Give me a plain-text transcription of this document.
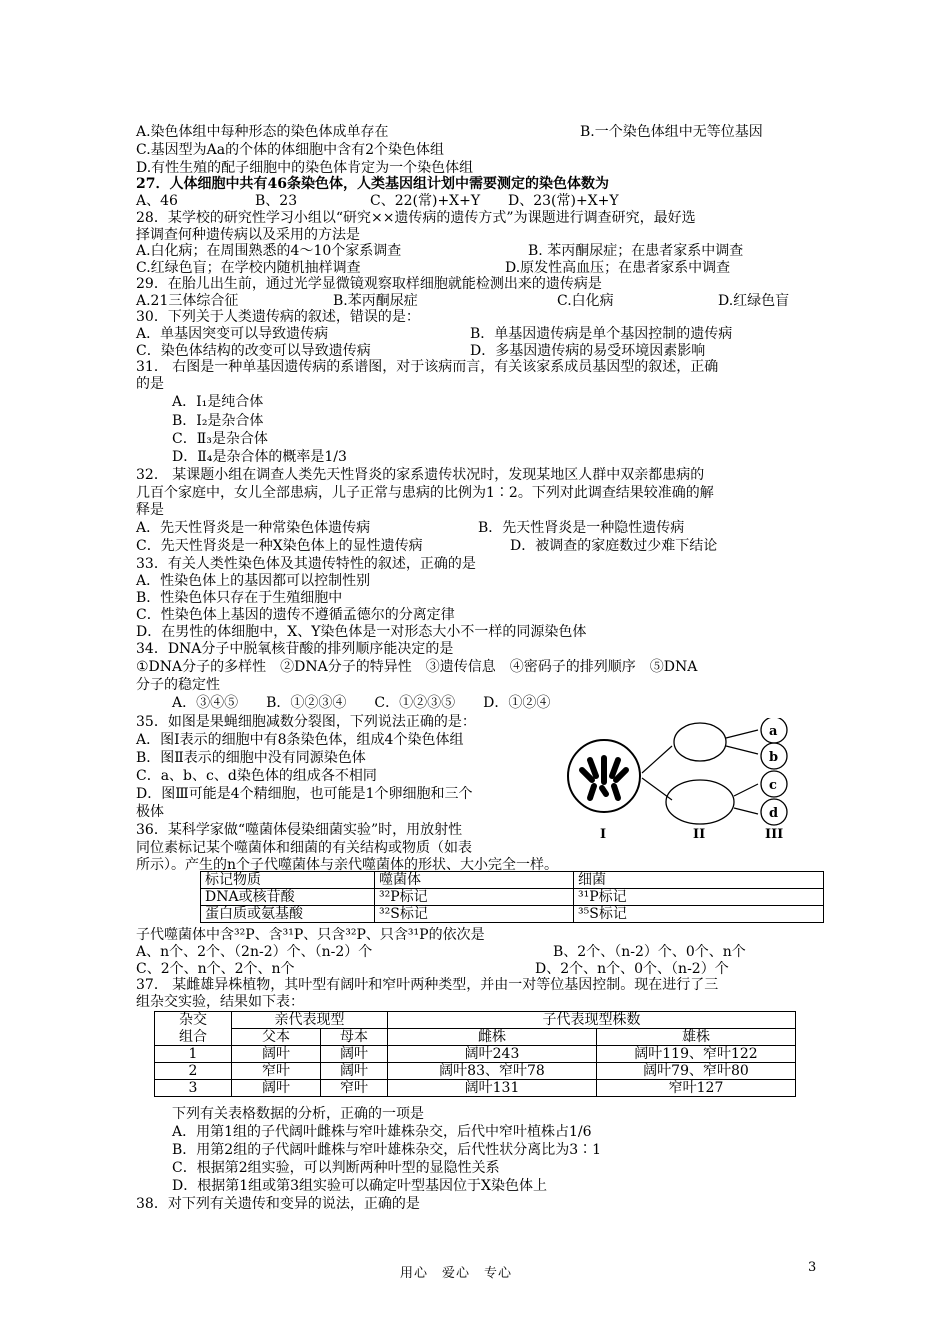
A.染色体组中每种形态的染色体成单存在	B.一个染色体组中无等位基因
C.基因型为Aa的个体的体细胞中含有2个染色体组
D.有性生殖的配子细胞中的染色体肯定为一个染色体组
27．人体细胞中共有46条染色体，人类基因组计划中需要测定的染色体数为
A、46	B、23	C、22(常)+X+Y D、23(常)+X+Y
28．某学校的研究性学习小组以“研究××遗传病的遗传方式”为课题进行调查研究，最好选
择调查何种遗传病以及采用的方法是
A.白化病；在周围熟悉的4～10个家系调查	B. 苯丙酮尿症；在患者家系中调查
C.红绿色盲；在学校内随机抽样调查	D.原发性高血压；在患者家系中调查
29．在胎儿出生前，通过光学显微镜观察取样细胞就能检测出来的遗传病是
A.21三体综合征	B.苯丙酮尿症	C.白化病	D.红绿色盲
30．下列关于人类遗传病的叙述，错误的是：
A．单基因突变可以导致遗传病	B．单基因遗传病是单个基因控制的遗传病
C．染色体结构的改变可以导致遗传病	D．多基因遗传病的易受环境因素影响
31． 右图是一种单基因遗传病的系谱图，对于该病而言，有关该家系成员基因型的叙述，正确
的是
A．Ⅰ₁是纯合体
B．Ⅰ₂是杂合体
C．Ⅱ₃是杂合体
D．Ⅱ₄是杂合体的概率是1/3
32． 某课题小组在调查人类先天性肾炎的家系遗传状况时，发现某地区人群中双亲都患病的
几百个家庭中，女儿全部患病，儿子正常与患病的比例为1∶2。下列对此调查结果较准确的解
释是
A．先天性肾炎是一种常染色体遗传病	B．先天性肾炎是一种隐性遗传病
C．先天性肾炎是一种X染色体上的显性遗传病	D．被调查的家庭数过少难下结论
33．有关人类性染色体及其遗传特性的叙述，正确的是
A．性染色体上的基因都可以控制性别
B．性染色体只存在于生殖细胞中
C．性染色体上基因的遗传不遵循孟德尔的分离定律
D．在男性的体细胞中，X、Y染色体是一对形态大小不一样的同源染色体
34．DNA分子中脱氧核苷酸的排列顺序能决定的是
①DNA分子的多样性　②DNA分子的特异性　③遗传信息　④密码子的排列顺序　⑤DNA
分子的稳定性
A．③④⑤　　B．①②③④　　C．①②③⑤　　D．①②④
35．如图是果蝇细胞减数分裂图，下列说法正确的是：
A．图Ⅰ表示的细胞中有8条染色体，组成4个染色体组
B．图Ⅱ表示的细胞中没有同源染色体
C．a、b、c、d染色体的组成各不相同
D．图Ⅲ可能是4个精细胞，也可能是1个卵细胞和三个
极体
36．某科学家做“噬菌体侵染细菌实验”时，用放射性
同位素标记某个噬菌体和细菌的有关结构或物质（如表
所示）。产生的n个子代噬菌体与亲代噬菌体的形状、大小完全一样。
a
b
c
d
I	II	III
标记物质	噬菌体	细菌
DNA或核苷酸	³²P标记	³¹P标记
蛋白质或氨基酸	³²S标记	³⁵S标记
子代噬菌体中含³²P、含³¹P、只含³²P、只含³¹P的依次是
A、n个、2个、（2n-2）个、（n-2）个	B、2个、（n-2）个、0个、n个
C、2个、n个、2个、n个	D、2个、n个、0个、（n-2）个
37． 某雌雄异株植物，其叶型有阔叶和窄叶两种类型，并由一对等位基因控制。现在进行了三
组杂交实验，结果如下表：
杂交	亲代表现型		子代表现型株数	
组合	父本	母本	雌株	雄株
1	阔叶	阔叶	阔叶243	阔叶119、窄叶122
2	窄叶	阔叶	阔叶83、窄叶78	阔叶79、窄叶80
3	阔叶	窄叶	阔叶131	窄叶127
下列有关表格数据的分析，正确的一项是
A．用第1组的子代阔叶雌株与窄叶雄株杂交，后代中窄叶植株占1/6
B．用第2组的子代阔叶雌株与窄叶雄株杂交，后代性状分离比为3∶1
C．根据第2组实验，可以判断两种叶型的显隐性关系
D．根据第1组或第3组实验可以确定叶型基因位于X染色体上
38．对下列有关遗传和变异的说法，正确的是
用心　爱心　专心	3
